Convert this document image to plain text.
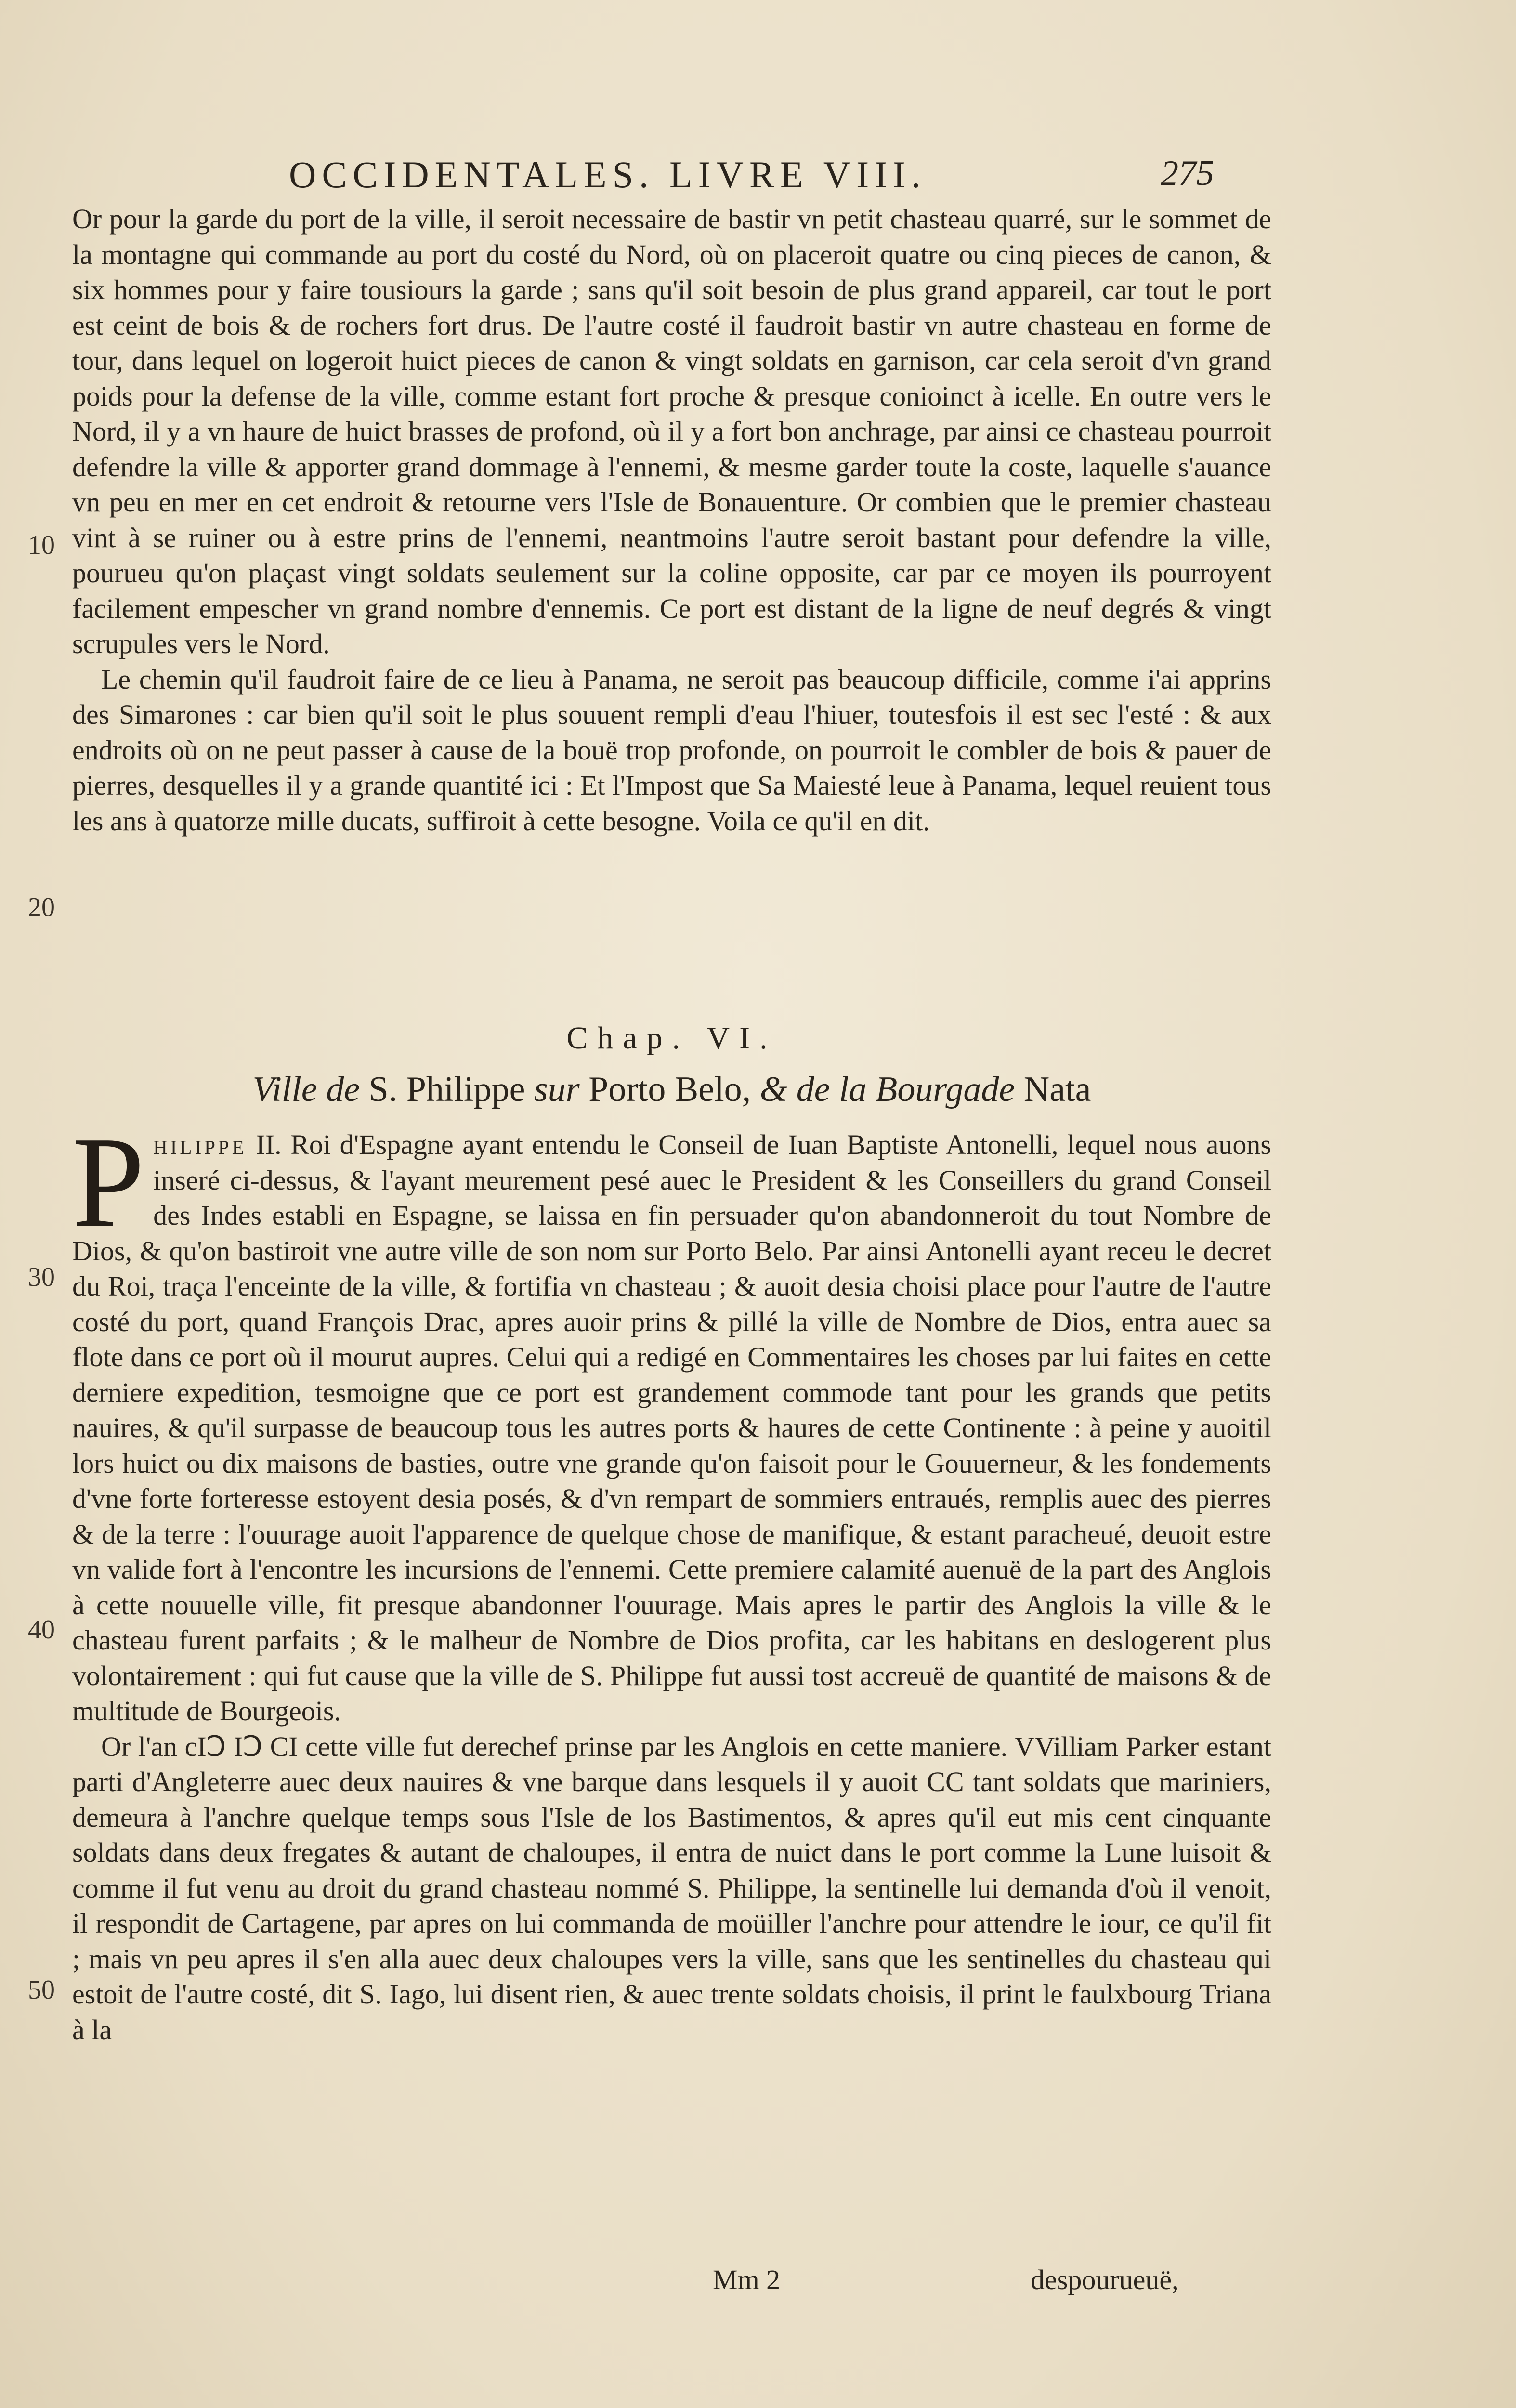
OCCIDENTALES. LIVRE VIII.	275

Or pour la garde du port de la ville, il seroit necessaire de bastir vn petit chasteau quarré, sur le sommet de la montagne qui commande au port du costé du Nord, où on placeroit quatre ou cinq pieces de canon, & six hommes pour y faire tousiours la garde ; sans qu'il soit besoin de plus grand appareil, car tout le port est ceint de bois & de rochers fort drus. De l'autre costé il faudroit bastir vn autre chasteau en forme de tour, dans lequel on logeroit huict pieces de canon & vingt soldats en garnison, car cela seroit d'vn grand poids pour la defense de la ville, comme estant fort proche & presque conioinct à icelle. En outre vers le Nord, il y a vn haure de huict brasses de profond, où il y a fort bon anchrage, par ainsi ce chasteau pourroit defendre la ville & apporter grand dommage à l'ennemi, & mesme garder toute la coste, laquelle s'auance vn peu en mer en cet endroit & retourne vers l'Isle de Bonauenture. Or combien que le premier chasteau vint à se ruiner ou à estre prins de l'ennemi, neantmoins l'autre seroit bastant pour defendre la ville, pourueu qu'on plaçast vingt soldats seulement sur la coline opposite, car par ce moyen ils pourroyent facilement empescher vn grand nombre d'ennemis. Ce port est distant de la ligne de neuf degrés & vingt scrupules vers le Nord.

Le chemin qu'il faudroit faire de ce lieu à Panama, ne seroit pas beaucoup difficile, comme i'ai apprins des Simarones : car bien qu'il soit le plus souuent rempli d'eau l'hiuer, toutesfois il est sec l'esté : & aux endroits où on ne peut passer à cause de la bouë trop profonde, on pourroit le combler de bois & pauer de pierres, desquelles il y a grande quantité ici : Et l'Impost que Sa Maiesté leue à Panama, lequel reuient tous les ans à quatorze mille ducats, suffiroit à cette besogne. Voila ce qu'il en dit.

Chap. VI.
Ville de S. Philippe sur Porto Belo, & de la Bourgade Nata

Philippe II. Roi d'Espagne ayant entendu le Conseil de Iuan Baptiste Antonelli, lequel nous auons inseré ci-dessus, & l'ayant meurement pesé auec le President & les Conseillers du grand Conseil des Indes establi en Espagne, se laissa en fin persuader qu'on abandonneroit du tout Nombre de Dios, & qu'on bastiroit vne autre ville de son nom sur Porto Belo. Par ainsi Antonelli ayant receu le decret du Roi, traça l'enceinte de la ville, & fortifia vn chasteau ; & auoit desia choisi place pour l'autre de l'autre costé du port, quand François Drac, apres auoir prins & pillé la ville de Nombre de Dios, entra auec sa flote dans ce port où il mourut aupres. Celui qui a redigé en Commentaires les choses par lui faites en cette derniere expedition, tesmoigne que ce port est grandement commode tant pour les grands que petits nauires, & qu'il surpasse de beaucoup tous les autres ports & haures de cette Continente : à peine y auoitil lors huict ou dix maisons de basties, outre vne grande qu'on faisoit pour le Gouuerneur, & les fondements d'vne forte forteresse estoyent desia posés, & d'vn rempart de sommiers entraués, remplis auec des pierres & de la terre : l'ouurage auoit l'apparence de quelque chose de manifique, & estant paracheué, deuoit estre vn valide fort à l'encontre les incursions de l'ennemi. Cette premiere calamité auenuë de la part des Anglois à cette nouuelle ville, fit presque abandonner l'ouurage. Mais apres le partir des Anglois la ville & le chasteau furent parfaits ; & le malheur de Nombre de Dios profita, car les habitans en deslogerent plus volontairement : qui fut cause que la ville de S. Philippe fut aussi tost accreuë de quantité de maisons & de multitude de Bourgeois.

Or l'an cIↃ IↃ CI cette ville fut derechef prinse par les Anglois en cette maniere. VVilliam Parker estant parti d'Angleterre auec deux nauires & vne barque dans lesquels il y auoit CC tant soldats que mariniers, demeura à l'anchre quelque temps sous l'Isle de los Bastimentos, & apres qu'il eut mis cent cinquante soldats dans deux fregates & autant de chaloupes, il entra de nuict dans le port comme la Lune luisoit & comme il fut venu au droit du grand chasteau nommé S. Philippe, la sentinelle lui demanda d'où il venoit, il respondit de Cartagene, par apres on lui commanda de moüiller l'anchre pour attendre le iour, ce qu'il fit ; mais vn peu apres il s'en alla auec deux chaloupes vers la ville, sans que les sentinelles du chasteau qui estoit de l'autre costé, dit S. Iago, lui disent rien, & auec trente soldats choisis, il print le faulxbourg Triana à la

10
20
30
40
50
Mm 2	despourueuë,
